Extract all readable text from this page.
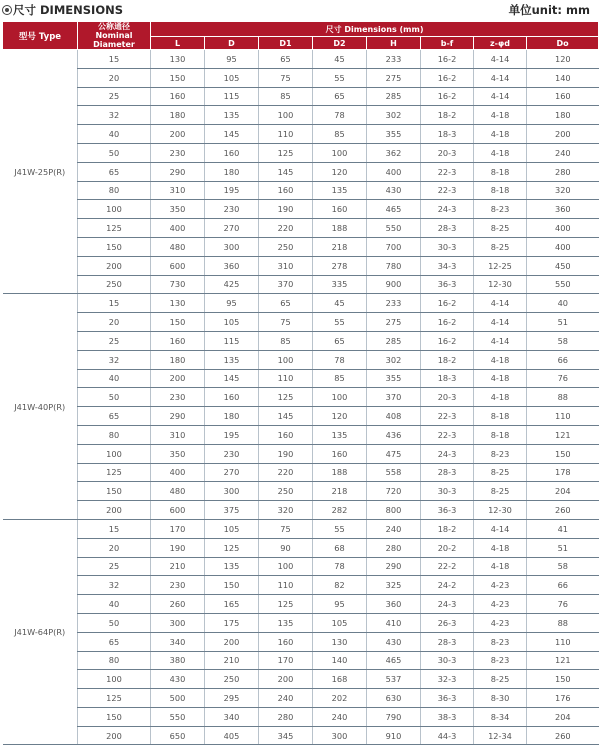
尺寸 DIMENSIONS	单位unit: mm
型号 Type	公称通径
Nominal Diameter	尺寸 Dimensions (mm)							
		L	D	D1	D2	H	b-f	z-φd	Do
J41W-25P(R)	15	130	95	65	45	233	16-2	4-14	120
	20	150	105	75	55	275	16-2	4-14	140
	25	160	115	85	65	285	16-2	4-14	160
	32	180	135	100	78	302	18-2	4-18	180
	40	200	145	110	85	355	18-3	4-18	200
	50	230	160	125	100	362	20-3	4-18	240
	65	290	180	145	120	400	22-3	8-18	280
	80	310	195	160	135	430	22-3	8-18	320
	100	350	230	190	160	465	24-3	8-23	360
	125	400	270	220	188	550	28-3	8-25	400
	150	480	300	250	218	700	30-3	8-25	400
	200	600	360	310	278	780	34-3	12-25	450
	250	730	425	370	335	900	36-3	12-30	550
J41W-40P(R)	15	130	95	65	45	233	16-2	4-14	40
	20	150	105	75	55	275	16-2	4-14	51
	25	160	115	85	65	285	16-2	4-14	58
	32	180	135	100	78	302	18-2	4-18	66
	40	200	145	110	85	355	18-3	4-18	76
	50	230	160	125	100	370	20-3	4-18	88
	65	290	180	145	120	408	22-3	8-18	110
	80	310	195	160	135	436	22-3	8-18	121
	100	350	230	190	160	475	24-3	8-23	150
	125	400	270	220	188	558	28-3	8-25	178
	150	480	300	250	218	720	30-3	8-25	204
	200	600	375	320	282	800	36-3	12-30	260
J41W-64P(R)	15	170	105	75	55	240	18-2	4-14	41
	20	190	125	90	68	280	20-2	4-18	51
	25	210	135	100	78	290	22-2	4-18	58
	32	230	150	110	82	325	24-2	4-23	66
	40	260	165	125	95	360	24-3	4-23	76
	50	300	175	135	105	410	26-3	4-23	88
	65	340	200	160	130	430	28-3	8-23	110
	80	380	210	170	140	465	30-3	8-23	121
	100	430	250	200	168	537	32-3	8-25	150
	125	500	295	240	202	630	36-3	8-30	176
	150	550	340	280	240	790	38-3	8-34	204
	200	650	405	345	300	910	44-3	12-34	260
